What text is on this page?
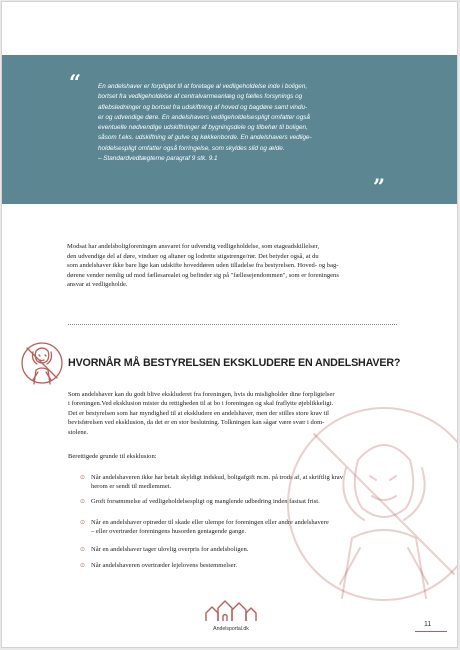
“	En andelshaver er forpligtet til at foretage al vedligeholdelse inde i boligen,
bortset fra vedligeholdelse af centralvarmeanlæg og fælles forsynings og
aflebsledninger og bortset fra udskiftning af hoved og bagdøre samt vindu-
er og udvendige døre. En andelshavers vedligeholdelsespligt omfatter også
eventuelle nødvendige udskiftninger af bygningsdele og tilbehør til boligen,
såsom f.eks. udskiftning af gulve og køkkenborde. En andelshavers vedlige-
holdelsespligt omfatter også forringelse, som skyldes slid og ælde.
– Standardvedtægterne paragraf 9 stk. 9.1

”

Modsat har andelsboligforeningen ansvaret for udvendig vedligeholdelse, som etageadskillelser,
den udvendige del af døre, vinduer og altaner og lodrette stigstrenge/rør. Det betyder også, at du
som andelshaver ikke bare lige kan udskifte hoveddøren uden tilladelse fra bestyrelsen. Hoved- og bag-
dørene vender nemlig ud mod fællesarealet og befinder sig på "fællesejendommen", som er foreningens
ansvar at vedligeholde.

HVORNÅR MÅ BESTYRELSEN EKSKLUDERE EN ANDELSHAVER?

Som andelshaver kan du godt blive ekskluderet fra foreningen, hvis du misligholder dine forpligtelser
i foreningen.Ved eksklusion mister du rettigheden til at bo i foreningen og skal fraflytte øjeblikkeligt.
Det er bestyrelsen som har myndighed til at ekskludere en andelshaver, men der stilles store krav til
bevisførelsen ved eksklusion, da det er en stor beslutning. Tolkningen kan sågar være svær i dom-
stolene.

Berettigede grunde til eksklusion:

⊙ Når andelshaveren ikke har betalt skyldigt indskud, boligafgift m.m. på trods af, at skriftlig krav
herom er sendt til medlemmet.
⊙ Groft forsømmelse af vedligeholdelsespligt og manglende udbedring inden fastsat frist.
⊙ Når en andelshaver optræder til skade eller ulempe for foreningen eller andre andelshavere
– eller overtræder foreningens husorden gentagende gange.
⊙ Når en andelshaver tager ulovlig overpris for andelsboligen.
⊙ Når andelshaveren overtræder lejelovens bestemmelser.
Andelsportal.dk

11
